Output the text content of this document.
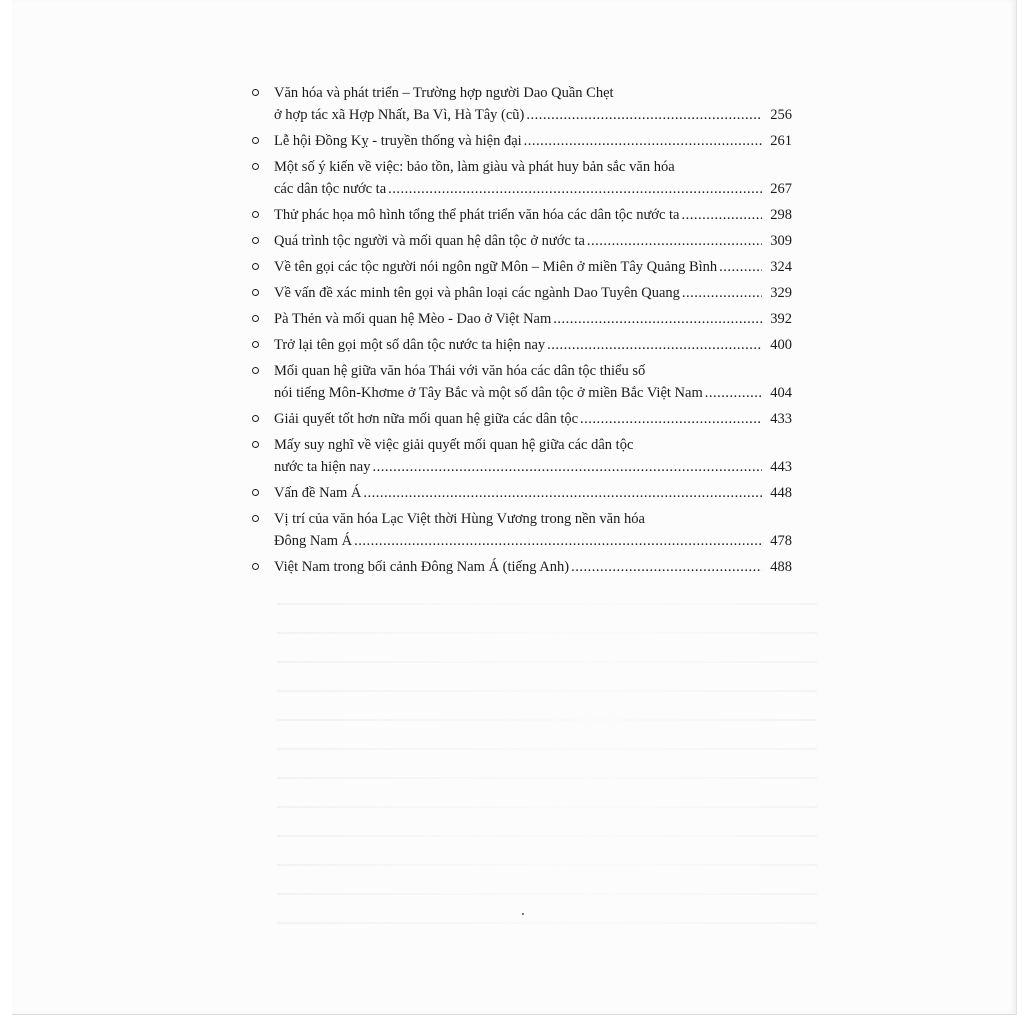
Văn hóa và phát triển – Trường hợp người Dao Quần Chẹt
ở hợp tác xã Hợp Nhất, Ba Vì, Hà Tây (cũ) .....	256
Lễ hội Đồng Kỵ - truyền thống và hiện đại .....	261
Một số ý kiến về việc: bảo tồn, làm giàu và phát huy bản sắc văn hóa
các dân tộc nước ta .....	267
Thử phác họa mô hình tổng thể phát triển văn hóa các dân tộc nước ta .....	298
Quá trình tộc người và mối quan hệ dân tộc ở nước ta .....	309
Về tên gọi các tộc người nói ngôn ngữ Môn – Miên ở miền Tây Quảng Bình .....	324
Về vấn đề xác minh tên gọi và phân loại các ngành Dao Tuyên Quang .....	329
Pà Thẻn và mối quan hệ Mèo - Dao ở Việt Nam .....	392
Trở lại tên gọi một số dân tộc nước ta hiện nay .....	400
Mối quan hệ giữa văn hóa Thái với văn hóa các dân tộc thiểu số
nói tiếng Môn-Khơme ở Tây Bắc và một số dân tộc ở miền Bắc Việt Nam .....	404
Giải quyết tốt hơn nữa mối quan hệ giữa các dân tộc .....	433
Mấy suy nghĩ về việc giải quyết mối quan hệ giữa các dân tộc
nước ta hiện nay .....	443
Vấn đề Nam Á .....	448
Vị trí của văn hóa Lạc Việt thời Hùng Vương trong nền văn hóa
Đông Nam Á .....	478
Việt Nam trong bối cảnh Đông Nam Á (tiếng Anh) .....	488
